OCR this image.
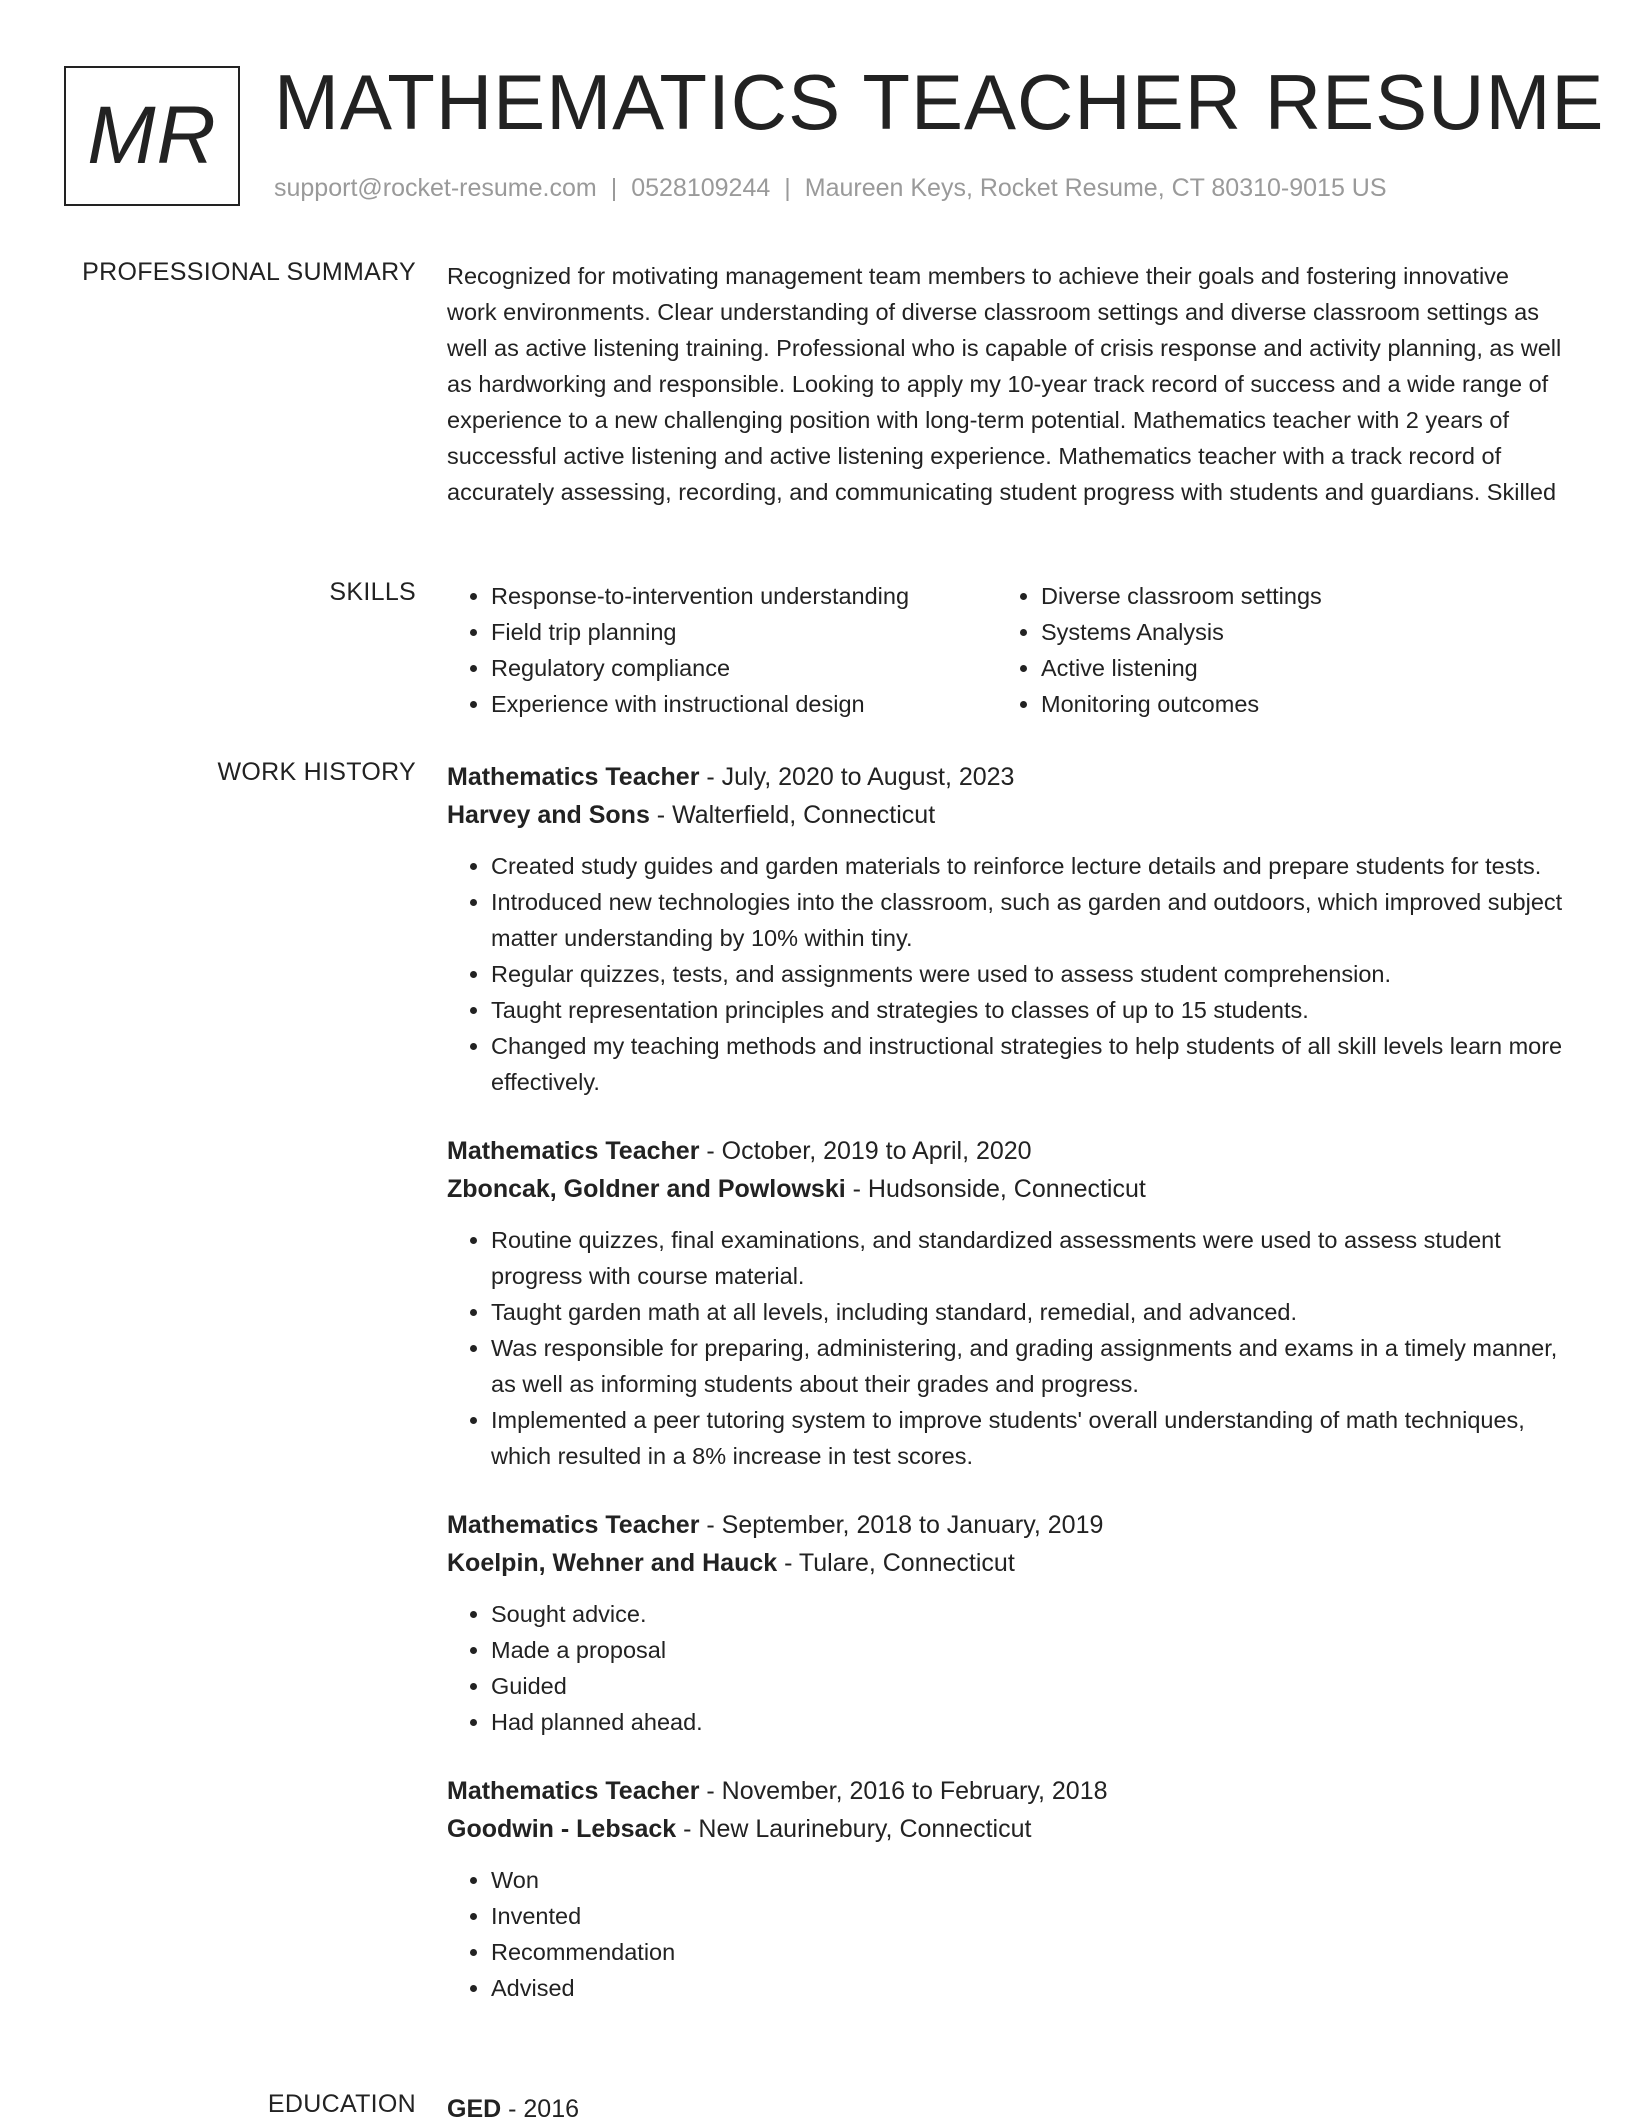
MR MATHEMATICS TEACHER RESUME
support@rocket-resume.com | 0528109244 | Maureen Keys, Rocket Resume, CT 80310-9015 US
PROFESSIONAL SUMMARY Recognized for motivating management team members to achieve their goals and fostering innovative work environments. Clear understanding of diverse classroom settings and diverse classroom settings as well as active listening training. Professional who is capable of crisis response and activity planning, as well as hardworking and responsible. Looking to apply my 10-year track record of success and a wide range of experience to a new challenging position with long-term potential. Mathematics teacher with 2 years of successful active listening and active listening experience. Mathematics teacher with a track record of accurately assessing, recording, and communicating student progress with students and guardians. Skilled

SKILLS
•	Response-to-intervention understanding
• Field trip planning
• Regulatory compliance
• Experience with instructional design
• Diverse classroom settings
• Systems Analysis
• Active listening
• Monitoring outcomes
WORK HISTORY Mathematics Teacher - July, 2020 to August, 2023
Harvey and Sons - Walterfield, Connecticut
• Created study guides and garden materials to reinforce lecture details and prepare students for tests.
• Introduced new technologies into the classroom, such as garden and outdoors, which improved subject matter understanding by 10% within tiny.
• Regular quizzes, tests, and assignments were used to assess student comprehension.
• Taught representation principles and strategies to classes of up to 15 students.
• Changed my teaching methods and instructional strategies to help students of all skill levels learn more effectively.
Mathematics Teacher - October, 2019 to April, 2020
Zboncak, Goldner and Powlowski - Hudsonside, Connecticut
• Routine quizzes, final examinations, and standardized assessments were used to assess student progress with course material.
• Taught garden math at all levels, including standard, remedial, and advanced.
• Was responsible for preparing, administering, and grading assignments and exams in a timely manner, as well as informing students about their grades and progress.
• Implemented a peer tutoring system to improve students' overall understanding of math techniques, which resulted in a 8% increase in test scores.
Mathematics Teacher - September, 2018 to January, 2019
Koelpin, Wehner and Hauck - Tulare, Connecticut
• Sought advice.
• Made a proposal
• Guided
• Had planned ahead.
Mathematics Teacher - November, 2016 to February, 2018
Goodwin - Lebsack - New Laurinebury, Connecticut
• Won
• Invented
• Recommendation
• Advised
EDUCATION GED - 2016
